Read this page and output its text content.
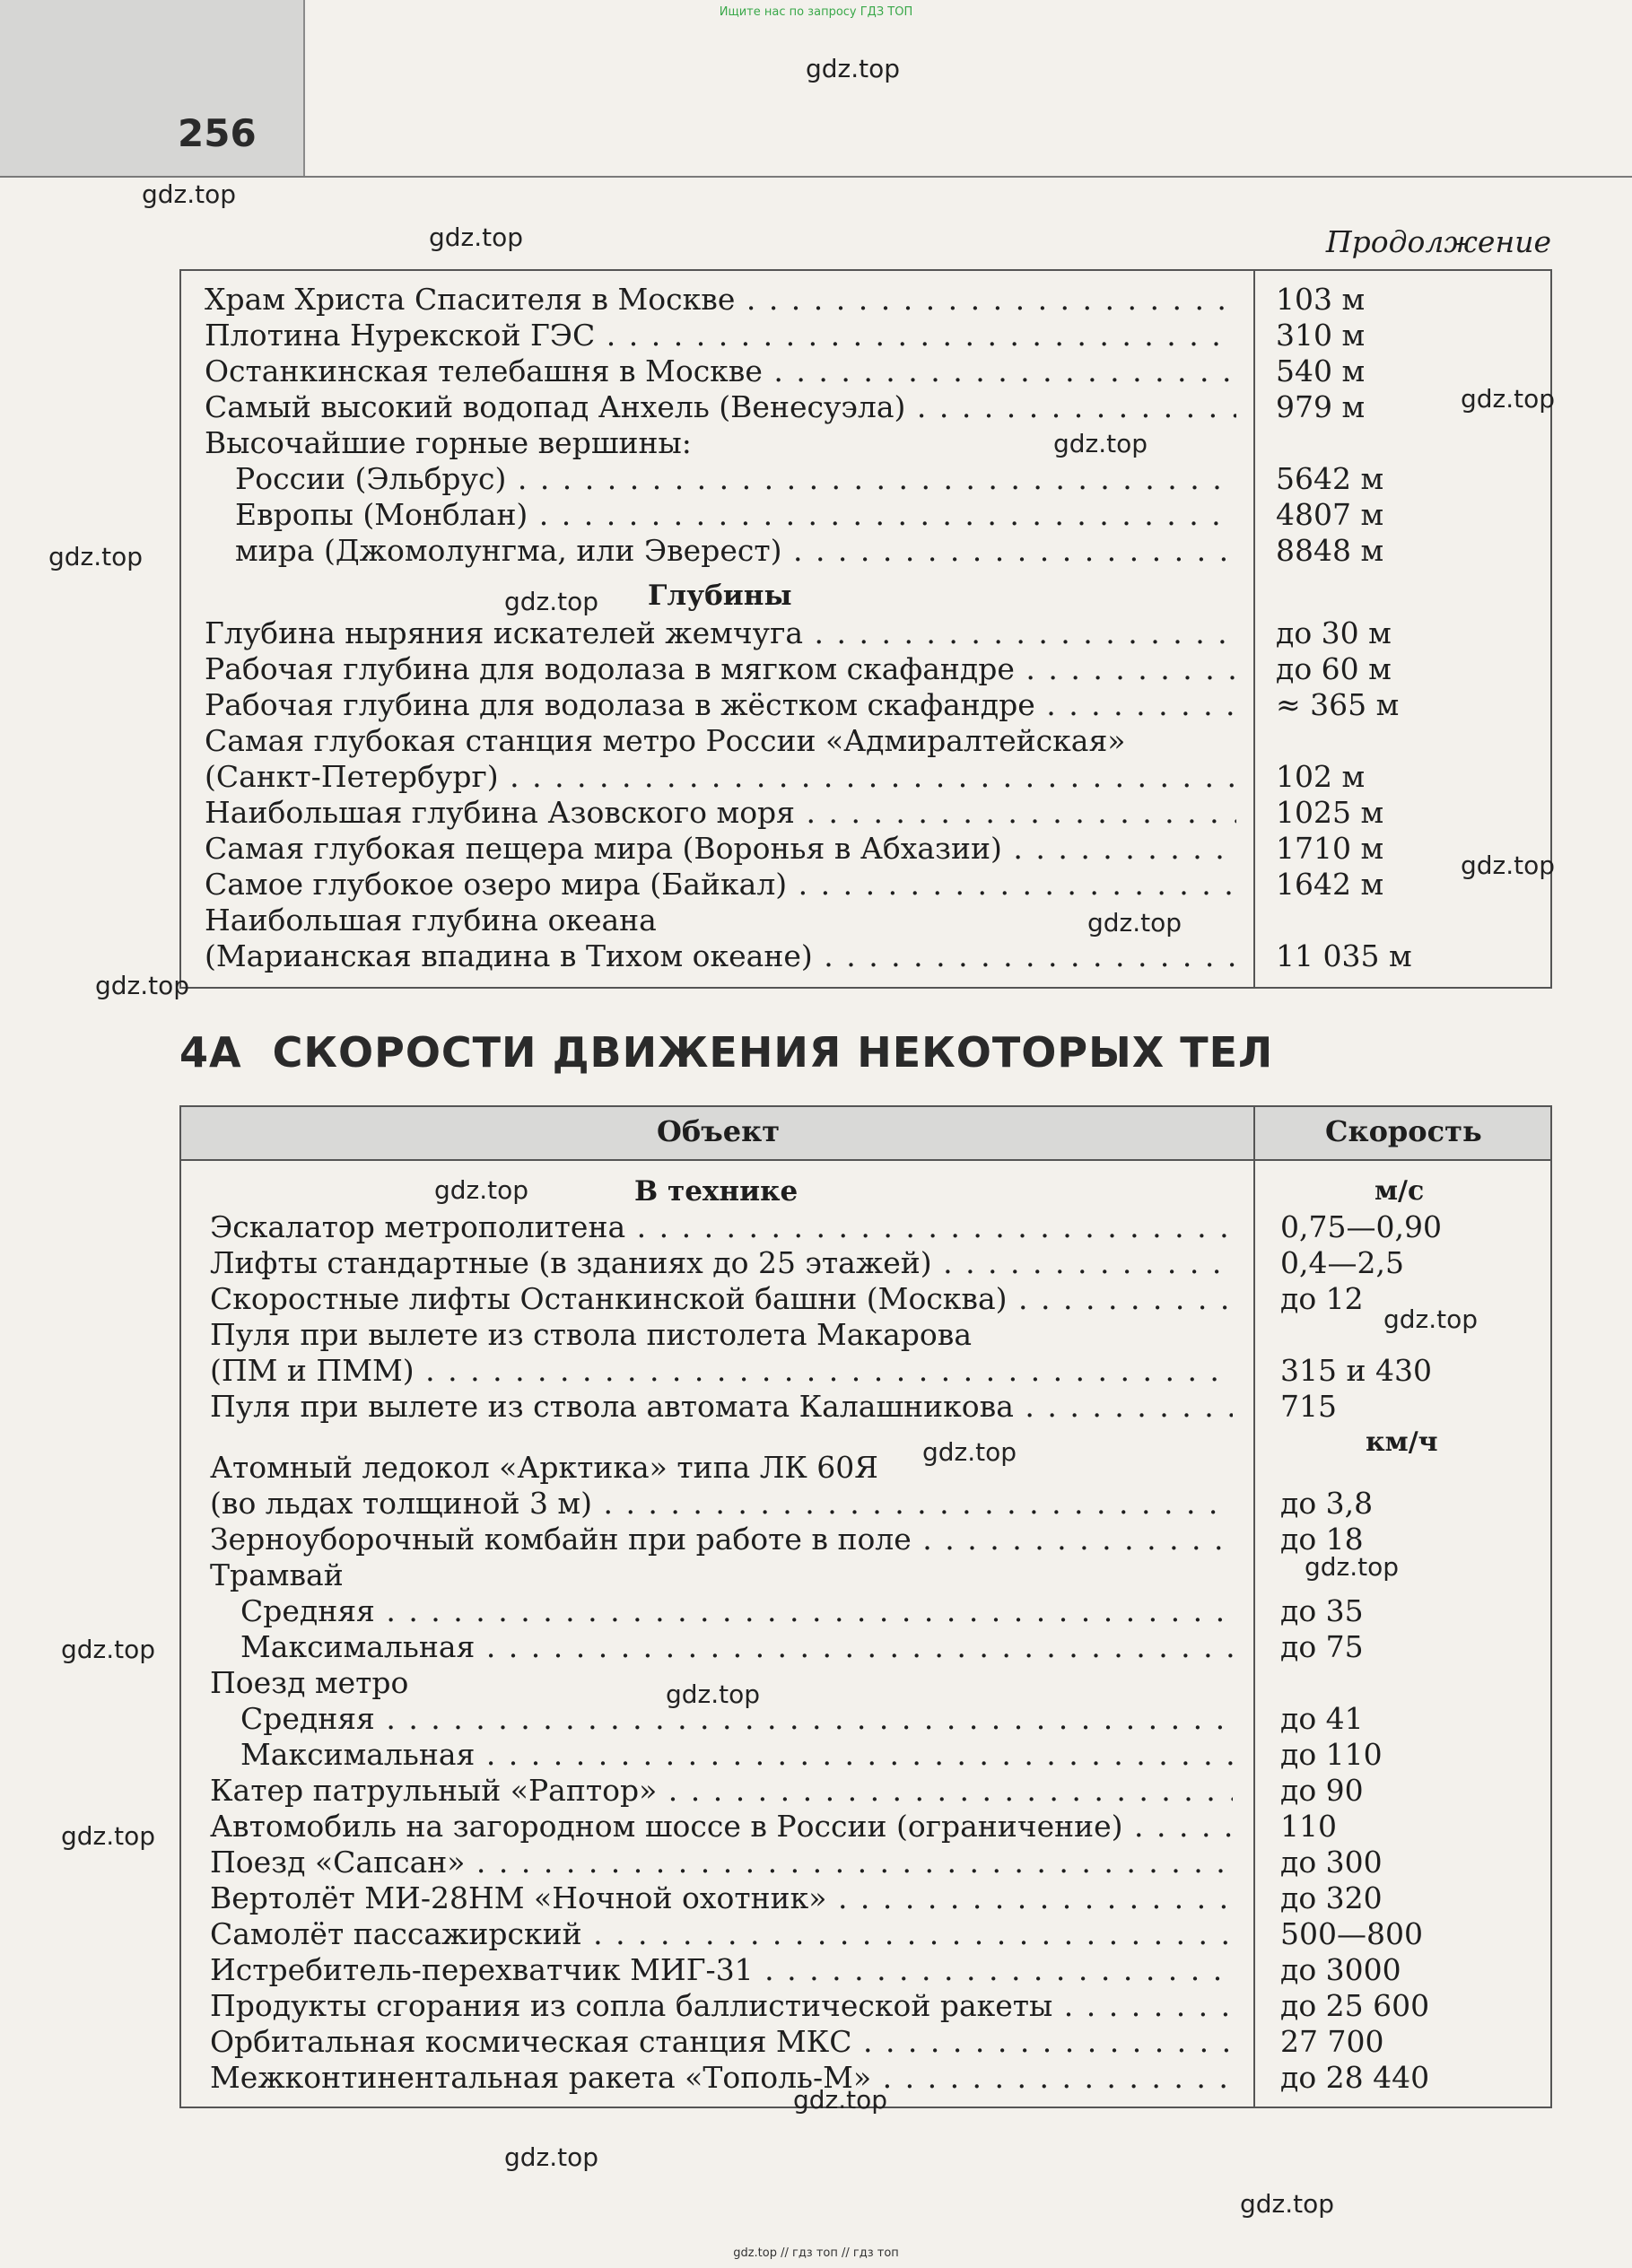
Ищите нас по запросу ГДЗ ТОП
256
Продолжение
Храм Христа Спасителя в Москве . . .	103 м
Плотина Нурекской ГЭС . . .	310 м
Останкинская телебашня в Москве . . .	540 м
Самый высокий водопад Анхель (Венесуэла) . . .	979 м
Высочайшие горные вершины:
России (Эльбрус) . . .	5642 м
Европы (Монблан) . . .	4807 м
мира (Джомолунгма, или Эверест) . . .	8848 м
Глубины
Глубина ныряния искателей жемчуга . . .	до 30 м
Рабочая глубина для водолаза в мягком скафандре . . .	до 60 м
Рабочая глубина для водолаза в жёстком скафандре . . .	≈ 365 м
Самая глубокая станция метро России «Адмиралтейская»
(Санкт-Петербург) . . .	102 м
Наибольшая глубина Азовского моря . . .	1025 м
Самая глубокая пещера мира (Воронья в Абхазии) . . .	1710 м
Самое глубокое озеро мира (Байкал) . . .	1642 м
Наибольшая глубина океана
(Марианская впадина в Тихом океане) . . .	11 035 м
4А СКОРОСТИ ДВИЖЕНИЯ НЕКОТОРЫХ ТЕЛ
Объект	Скорость
В технике	м/с
Эскалатор метрополитена . . .	0,75—0,90
Лифты стандартные (в зданиях до 25 этажей) . . .	0,4—2,5
Скоростные лифты Останкинской башни (Москва) . . .	до 12
Пуля при вылете из ствола пистолета Макарова
(ПМ и ПММ) . . .	315 и 430
Пуля при вылете из ствола автомата Калашникова . . .	715
км/ч
Атомный ледокол «Арктика» типа ЛК 60Я
(во льдах толщиной 3 м) . . .	до 3,8
Зерноуборочный комбайн при работе в поле . . .	до 18
Трамвай
Средняя . . .	до 35
Максимальная . . .	до 75
Поезд метро
Средняя . . .	до 41
Максимальная . . .	до 110
Катер патрульный «Раптор» . . .	до 90
Автомобиль на загородном шоссе в России (ограничение) . . .	110
Поезд «Сапсан» . . .	до 300
Вертолёт МИ-28НМ «Ночной охотник» . . .	до 320
Самолёт пассажирский . . .	500—800
Истребитель-перехватчик МИГ-31 . . .	до 3000
Продукты сгорания из сопла баллистической ракеты . . .	до 25 600
Орбитальная космическая станция МКС . . .	27 700
Межконтинентальная ракета «Тополь-М» . . .	до 28 440
gdz.top
gdz.top
gdz.top
gdz.top
gdz.top
gdz.top
gdz.top
gdz.top
gdz.top
gdz.top
gdz.top
gdz.top
gdz.top
gdz.top
gdz.top
gdz.top
gdz.top
gdz.top
gdz.top
gdz.top
gdz.top // гдз топ // гдз топ
